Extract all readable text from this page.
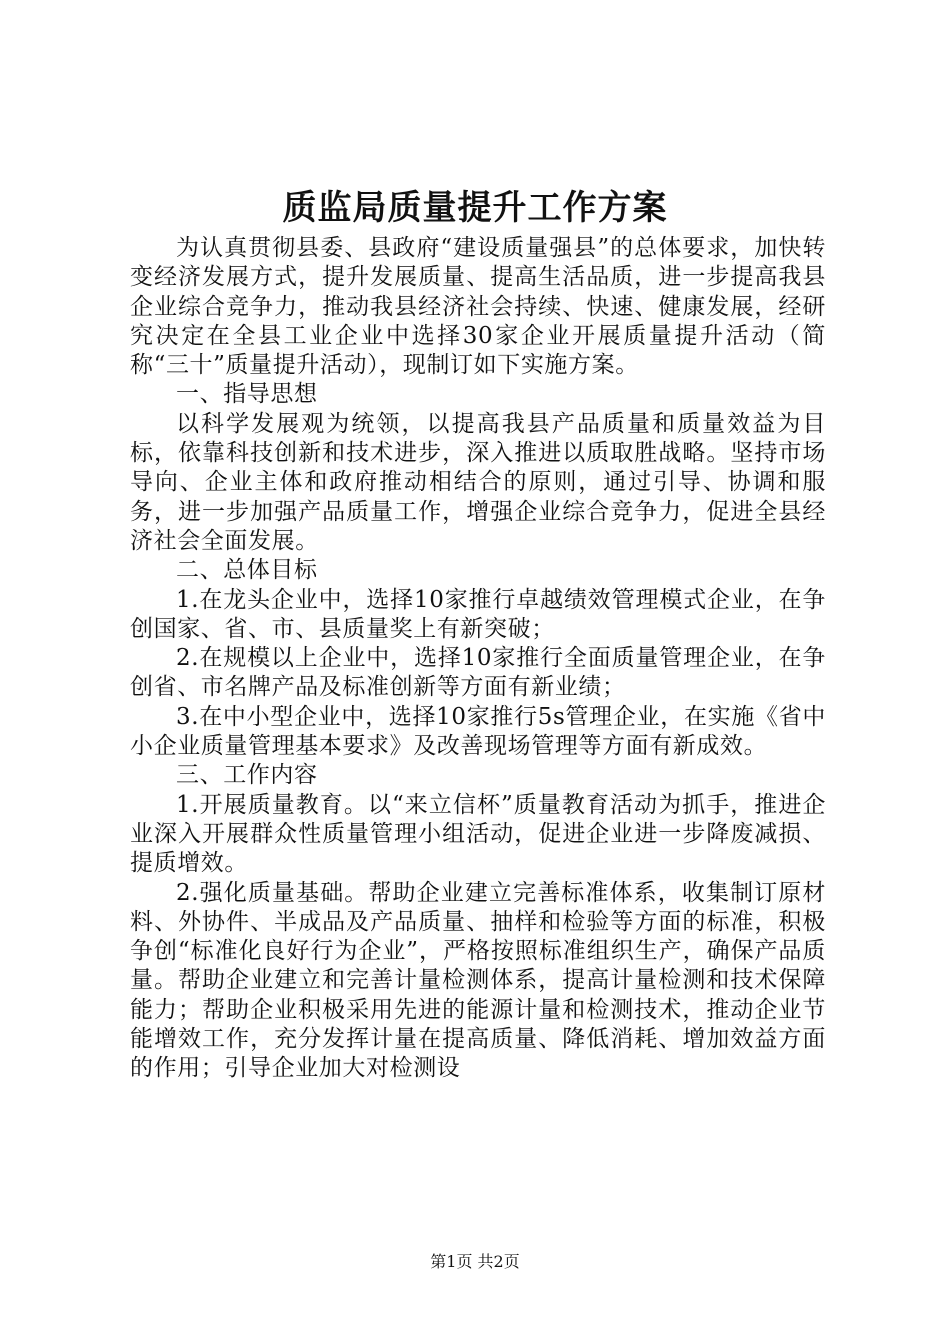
质监局质量提升工作方案

为认真贯彻县委、县政府“建设质量强县”的总体要求，加快转变经济发展方式，提升发展质量、提高生活品质，进一步提高我县企业综合竞争力，推动我县经济社会持续、快速、健康发展，经研究决定在全县工业企业中选择30家企业开展质量提升活动（简称“三十”质量提升活动），现制订如下实施方案。

一、指导思想

以科学发展观为统领，以提高我县产品质量和质量效益为目标，依靠科技创新和技术进步，深入推进以质取胜战略。坚持市场导向、企业主体和政府推动相结合的原则，通过引导、协调和服务，进一步加强产品质量工作，增强企业综合竞争力，促进全县经济社会全面发展。

二、总体目标

1.在龙头企业中，选择10家推行卓越绩效管理模式企业，在争创国家、省、市、县质量奖上有新突破；

2.在规模以上企业中，选择10家推行全面质量管理企业，在争创省、市名牌产品及标准创新等方面有新业绩；

3.在中小型企业中，选择10家推行5s管理企业，在实施《省中小企业质量管理基本要求》及改善现场管理等方面有新成效。

三、工作内容

1.开展质量教育。以“来立信杯”质量教育活动为抓手，推进企业深入开展群众性质量管理小组活动，促进企业进一步降废减损、提质增效。

2.强化质量基础。帮助企业建立完善标准体系，收集制订原材料、外协件、半成品及产品质量、抽样和检验等方面的标准，积极争创“标准化良好行为企业”，严格按照标准组织生产，确保产品质量。帮助企业建立和完善计量检测体系，提高计量检测和技术保障能力；帮助企业积极采用先进的能源计量和检测技术，推动企业节能增效工作，充分发挥计量在提高质量、降低消耗、增加效益方面的作用；引导企业加大对检测设

第1页 共2页
